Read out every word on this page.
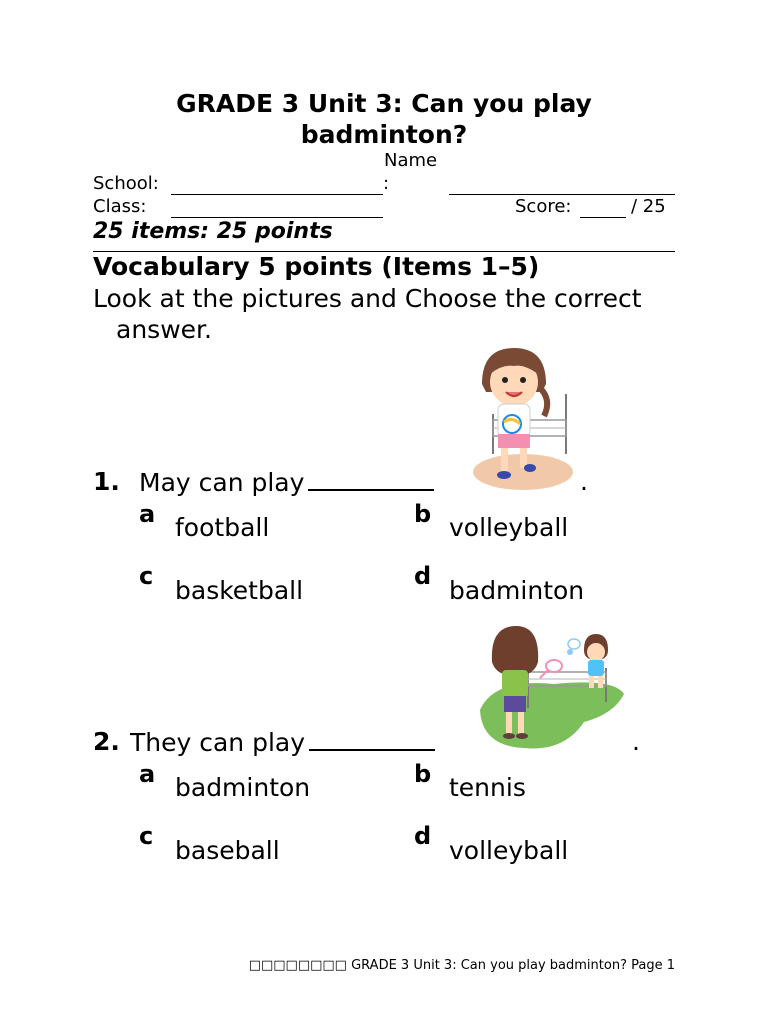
GRADE 3 Unit 3: Can you play
badminton?
Name
School:	:
Class:	Score:	/ 25
25 items: 25 points
Vocabulary 5 points (Items 1–5)
Look at the pictures and Choose the correct answer.
1. May can play	.
a football	b volleyball
c basketball	d badminton
2. They can play	.
a badminton	b tennis
c baseball	d volleyball
□□□□□□□□ GRADE 3 Unit 3: Can you play badminton? Page 1
